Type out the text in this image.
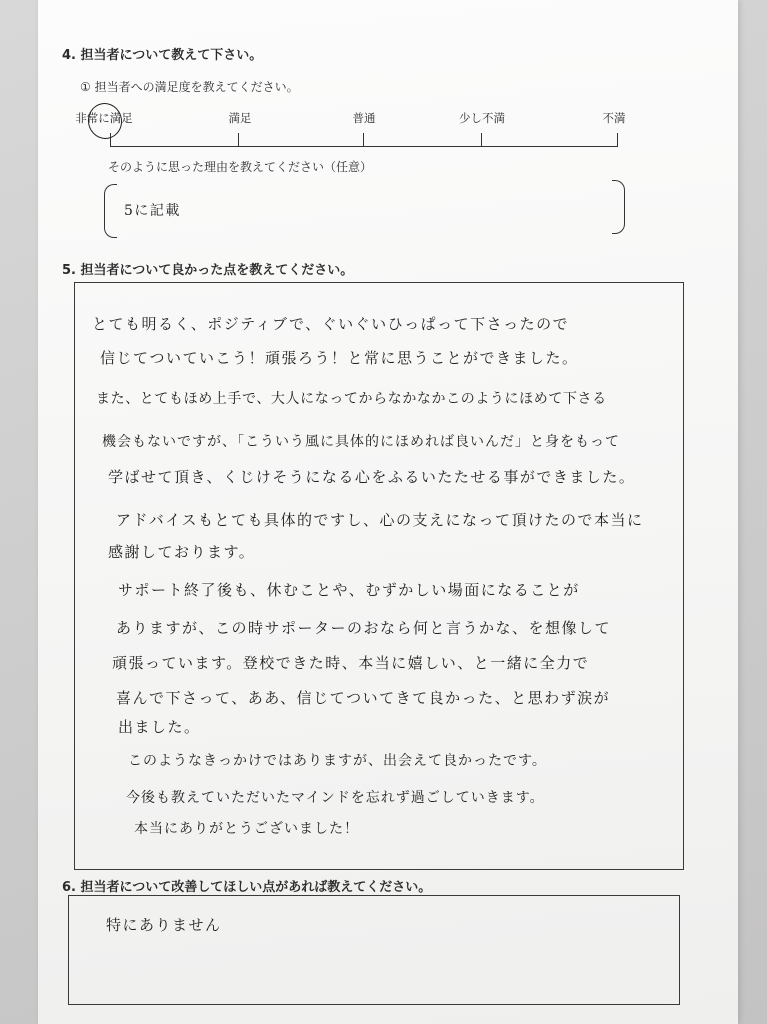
4. 担当者について教えて下さい。
① 担当者への満足度を教えてください。
非常に満足	満足	普通	少し不満	不満
そのように思った理由を教えてください（任意）
5に記載
5. 担当者について良かった点を教えてください。
とても明るく、ポジティブで、ぐいぐいひっぱって下さったので
信じてついていこう！頑張ろう！と常に思うことができました。
また、とてもほめ上手で、大人になってからなかなかこのようにほめて下さる
機会もないですが、「こういう風に具体的にほめれば良いんだ」と身をもって
学ばせて頂き、くじけそうになる心をふるいたたせる事ができました。
アドバイスもとても具体的ですし、心の支えになって頂けたので本当に
感謝しております。
サポート終了後も、休むことや、むずかしい場面になることが
ありますが、この時サポーターのおなら何と言うかな、を想像して
頑張っています。登校できた時、本当に嬉しい、と一緒に全力で
喜んで下さって、ああ、信じてついてきて良かった、と思わず涙が
出ました。
このようなきっかけではありますが、出会えて良かったです。
今後も教えていただいたマインドを忘れず過ごしていきます。
本当にありがとうございました！
6. 担当者について改善してほしい点があれば教えてください。
特にありません
